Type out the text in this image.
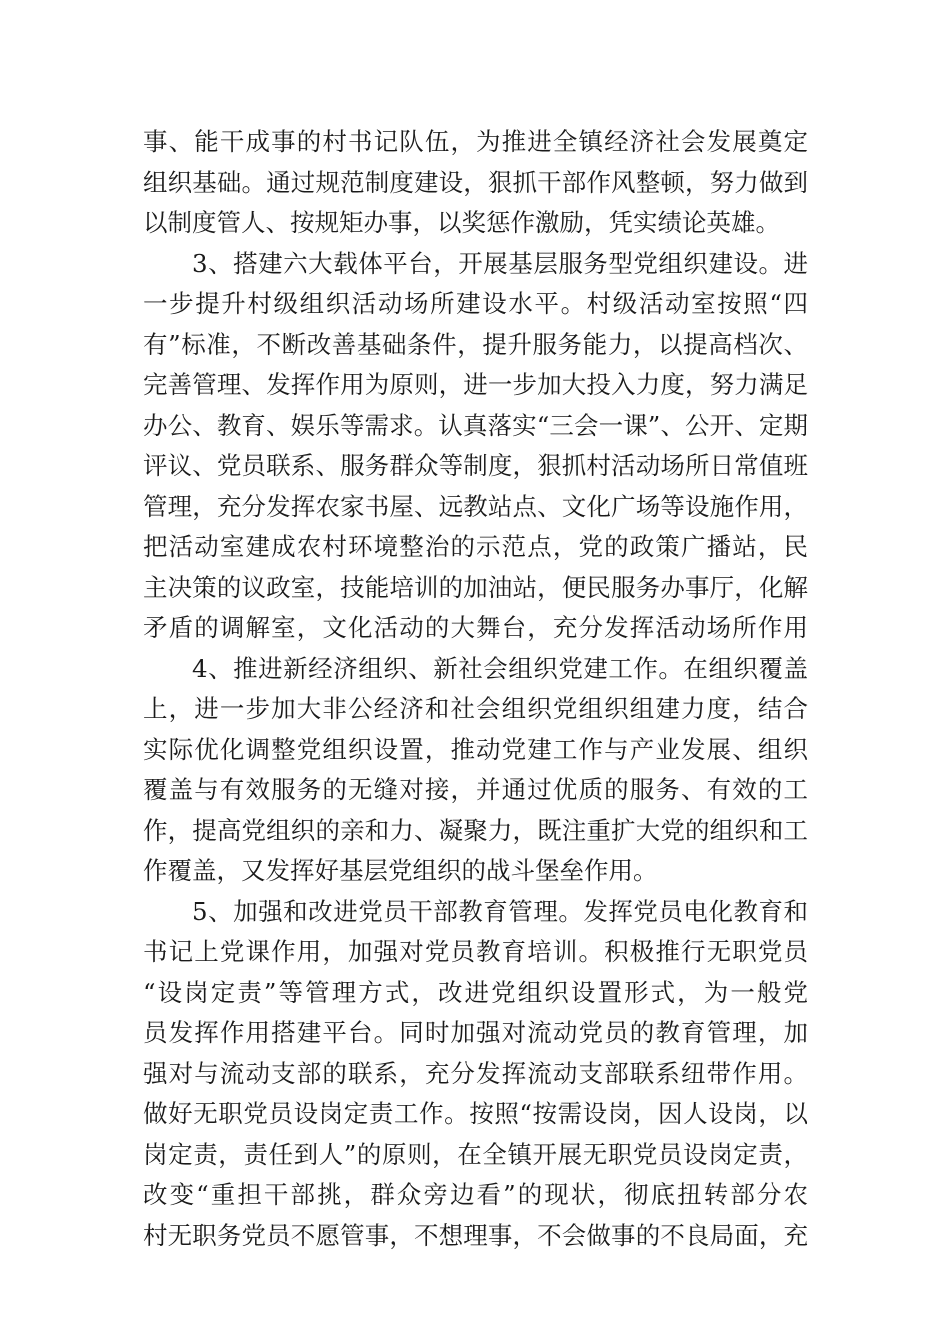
事、能干成事的村书记队伍，为推进全镇经济社会发展奠定
组织基础。通过规范制度建设，狠抓干部作风整顿，努力做到
以制度管人、按规矩办事，以奖惩作激励，凭实绩论英雄。
3、搭建六大载体平台，开展基层服务型党组织建设。进
一步提升村级组织活动场所建设水平。村级活动室按照“四
有”标准，不断改善基础条件，提升服务能力，以提高档次、
完善管理、发挥作用为原则，进一步加大投入力度，努力满足
办公、教育、娱乐等需求。认真落实“三会一课”、公开、定期
评议、党员联系、服务群众等制度，狠抓村活动场所日常值班
管理，充分发挥农家书屋、远教站点、文化广场等设施作用，
把活动室建成农村环境整治的示范点，党的政策广播站，民
主决策的议政室，技能培训的加油站，便民服务办事厅，化解
矛盾的调解室，文化活动的大舞台，充分发挥活动场所作用
4、推进新经济组织、新社会组织党建工作。在组织覆盖
上，进一步加大非公经济和社会组织党组织组建力度，结合
实际优化调整党组织设置，推动党建工作与产业发展、组织
覆盖与有效服务的无缝对接，并通过优质的服务、有效的工
作，提高党组织的亲和力、凝聚力，既注重扩大党的组织和工
作覆盖，又发挥好基层党组织的战斗堡垒作用。
5、加强和改进党员干部教育管理。发挥党员电化教育和
书记上党课作用，加强对党员教育培训。积极推行无职党员
“设岗定责”等管理方式，改进党组织设置形式，为一般党
员发挥作用搭建平台。同时加强对流动党员的教育管理，加
强对与流动支部的联系，充分发挥流动支部联系纽带作用。
做好无职党员设岗定责工作。按照“按需设岗，因人设岗，以
岗定责，责任到人”的原则，在全镇开展无职党员设岗定责，
改变“重担干部挑，群众旁边看”的现状，彻底扭转部分农
村无职务党员不愿管事，不想理事，不会做事的不良局面，充
